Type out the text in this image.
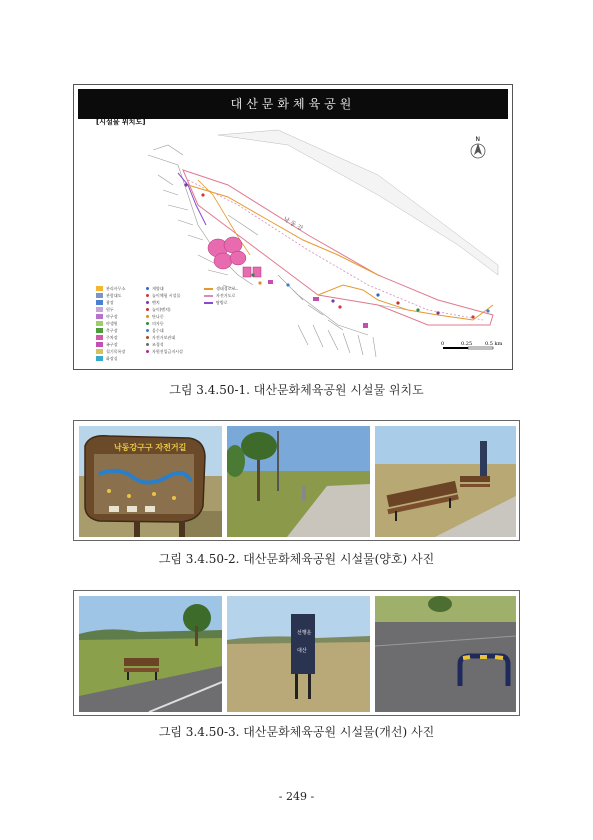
대산문화체육공원
[시설물 위치도]
낙 동 강
N
0	0.25	0.5 km
관리사무소
관람대도
광장
원두
야구장
야생원
축구장
주차장
족구장
철기목록장
화장실
게양대
놀이체험 시설물
벤치
놀이(벤치)
단나중
의자등
음수대
자전거보관대
조경석
자원진입금지시설
생태경로로
자전거도로
탐방로
그림 3.4.50-1. 대산문화체육공원 시설물 위치도
낙동강구구 자전거길
그림 3.4.50-2. 대산문화체육공원 시설물(양호) 사진
선행운
대산
그림 3.4.50-3. 대산문화체육공원 시설물(개선) 사진
- 249 -
